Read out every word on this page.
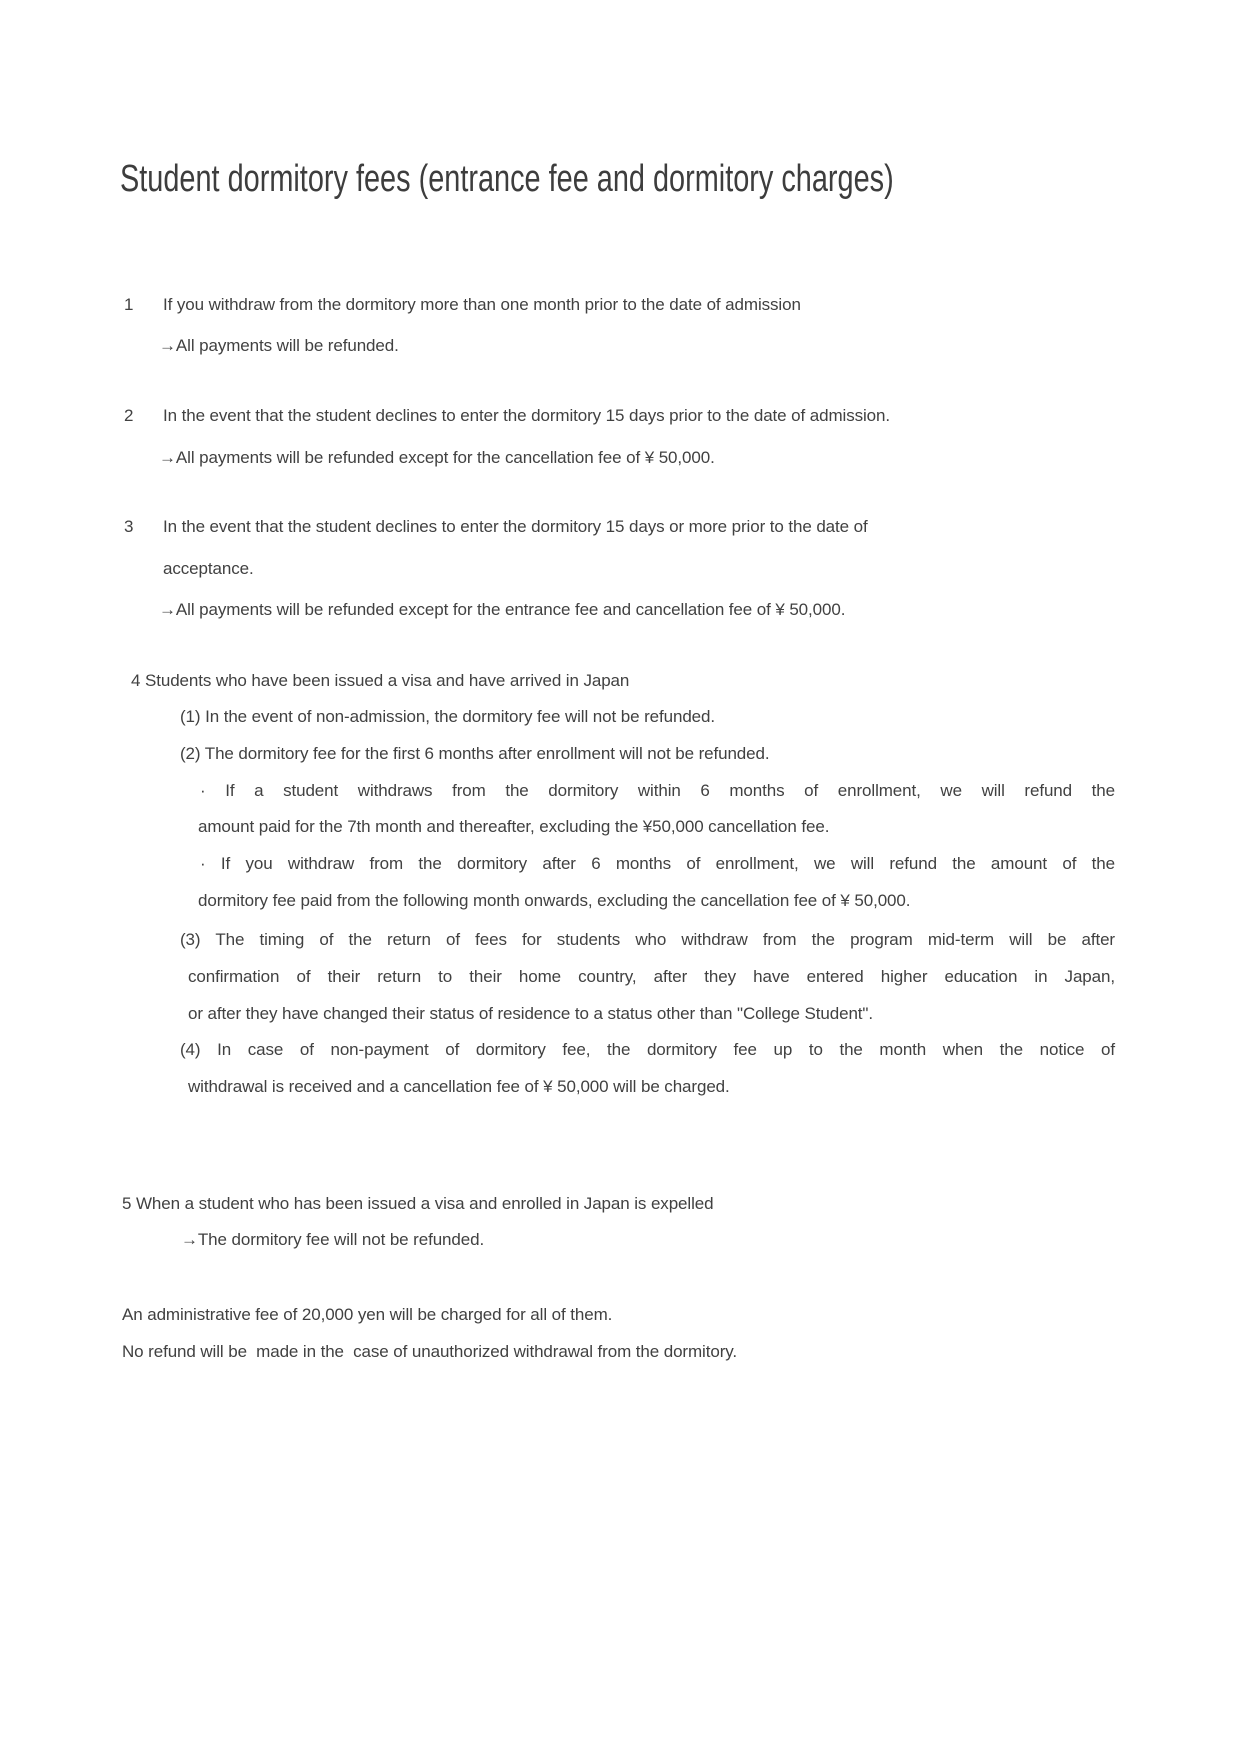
Student dormitory fees (entrance fee and dormitory charges)
1 If you withdraw from the dormitory more than one month prior to the date of admission
→All payments will be refunded.
2 In the event that the student declines to enter the dormitory 15 days prior to the date of admission.
→All payments will be refunded except for the cancellation fee of ¥ 50,000.
3 In the event that the student declines to enter the dormitory 15 days or more prior to the date of
acceptance.
→All payments will be refunded except for the entrance fee and cancellation fee of ¥ 50,000.
4 Students who have been issued a visa and have arrived in Japan
(1) In the event of non-admission, the dormitory fee will not be refunded.
(2) The dormitory fee for the first 6 months after enrollment will not be refunded.
· If a student withdraws from the dormitory within 6 months of enrollment, we will refund the
amount paid for the 7th month and thereafter, excluding the ¥50,000 cancellation fee.
· If you withdraw from the dormitory after 6 months of enrollment, we will refund the amount of the
dormitory fee paid from the following month onwards, excluding the cancellation fee of ¥ 50,000.
(3) The timing of the return of fees for students who withdraw from the program mid-term will be after
confirmation of their return to their home country, after they have entered higher education in Japan,
or after they have changed their status of residence to a status other than "College Student".
(4) In case of non-payment of dormitory fee, the dormitory fee up to the month when the notice of
withdrawal is received and a cancellation fee of ¥ 50,000 will be charged.
5 When a student who has been issued a visa and enrolled in Japan is expelled
→The dormitory fee will not be refunded.
An administrative fee of 20,000 yen will be charged for all of them.
No refund will be  made in the  case of unauthorized withdrawal from the dormitory.
